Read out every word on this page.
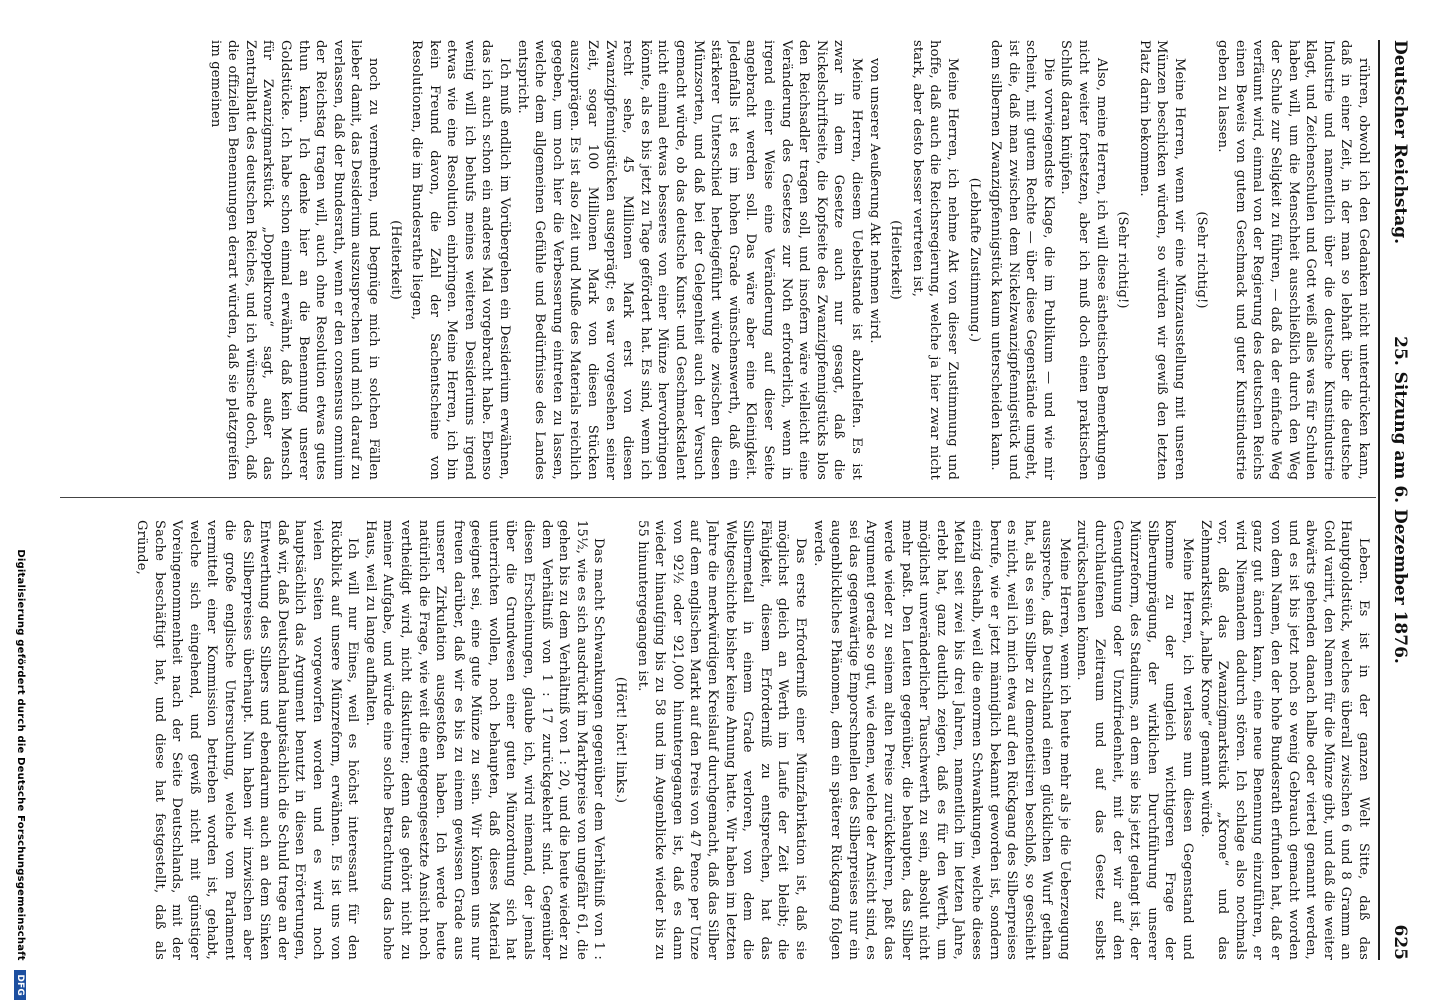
Deutscher Reichstag.
25. Sitzung am 6. Dezember 1876.
625

rühren, obwohl ich den Gedanken nicht unterdrücken kann, daß in einer Zeit, in der man so lebhaft über die deutsche Industrie und namentlich über die deutsche Kunstindustrie klagt, und Zeichenschulen und Gott weiß alles was für Schulen haben will, um die Menschheit ausschließlich durch den Weg der Schule zur Seligkeit zu führen, — daß da der einfache Weg verfäumt wird, einmal von der Regierung des deutschen Reichs einen Beweis von gutem Geschmack und guter Kunstindustrie geben zu lassen.

(Sehr richtig!)

Meine Herren, wenn wir eine Münzausstellung mit unseren Münzen beschicken würden, so würden wir gewiß den letzten Platz darin bekommen.

(Sehr richtig!)

Also, meine Herren, ich will diese ästhetischen Bemerkungen nicht weiter fortsetzen, aber ich muß doch einen praktischen Schluß daran knüpfen.

Die vorwiegendste Klage, die im Publikum — und wie mir scheint, mit gutem Rechte — über diese Gegenstände umgeht, ist die, daß man zwischen dem Nickelzwanzigpfennigstück und dem silbernen Zwanzigpfennigstück kaum unterscheiden kann.

(Lebhafte Zustimmung.)

Meine Herren, ich nehme Akt von dieser Zustimmung und hoffe, daß auch die Reichsregierung, welche ja hier zwar nicht stark, aber desto besser vertreten ist,

(Heiterkeit)

von unserer Aeußerung Akt nehmen wird.

Meine Herren, diesem Uebelstande ist abzuhelfen. Es ist zwar in dem Gesetze auch nur gesagt, daß die Nickelschriftseite, die Kopfseite des Zwanzigpfennigstücks blos den Reichsadler tragen soll, und insofern wäre vielleicht eine Veränderung des Gesetzes zur Noth erforderlich, wenn in irgend einer Weise eine Veränderung auf dieser Seite angebracht werden soll. Das wäre aber eine Kleinigkeit. Jedenfalls ist es im hohen Grade wünschenswerth, daß ein stärkerer Unterschied herbeigeführt würde zwischen diesen Münzsorten, und daß bei der Gelegenheit auch der Versuch gemacht würde, ob das deutsche Kunst- und Geschmackstalent nicht einmal etwas besseres von einer Münze hervorbringen könnte, als es bis jetzt zu Tage gefördert hat. Es sind, wenn ich recht sehe, 45 Millionen Mark erst von diesen Zwanzigpfennigstücken ausgeprägt; es war vorgesehen seiner Zeit, sogar 100 Millionen Mark von diesen Stücken auszuprägen. Es ist also Zeit und Muße des Materials reichlich gegeben, um noch hier die Verbesserung eintreten zu lassen, welche dem allgemeinen Gefühle und Bedürfnisse des Landes entspricht.

Ich muß endlich im Vorübergehen ein Desiderium erwähnen, das ich auch schon ein anderes Mal vorgebracht habe. Ebenso wenig will ich behufs meines weiteren Desideriums irgend etwas wie eine Resolution einbringen. Meine Herren, ich bin kein Freund davon, die Zahl der Sachentscheine von Resolutionen, die im Bundesrathe liegen,

(Heiterkeit)

noch zu vermehren, und begnüge mich in solchen Fällen lieber damit, das Desiderium auszusprechen und mich darauf zu verlassen, daß der Bundesrath, wenn er den consensus omnium der Reichstag tragen will, auch ohne Resolution etwas gutes thun kann. Ich denke hier an die Benennung unserer Goldstücke. Ich habe schon einmal erwähnt, daß kein Mensch für Zwanzigmarkstück „Doppelkrone“ sagt, außer das Zentralblatt des deutschen Reiches, und ich wünsche doch, daß die offiziellen Benennungen derart würden, daß sie platzgreifen im gemeinen

Leben. Es ist in der ganzen Welt Sitte, daß das Hauptgoldstück, welches überall zwischen 6 und 8 Gramm an Gold variirt, den Namen für die Münze gibt, und daß die weiter abwärts gehenden danach halbe oder viertel genannt werden, und es ist bis jetzt noch so wenig Gebrauch gemacht worden von dem Namen, den der hohe Bundesrath erfunden hat, daß er ganz gut ändern kann, eine neue Benennung einzuführen, er wird Niemandem dadurch stören. Ich schlage also nochmals vor, daß das Zwanzigmarkstück „Krone“ und das Zehnmarkstück „halbe Krone“ genannt würde.

Meine Herren, ich verlasse nun diesen Gegenstand und komme zu der ungleich wichtigeren Frage der Silberumprägung, der wirklichen Durchführung unserer Münzreform, des Stadiums, an dem sie bis jetzt gelangt ist, der Genugthuung oder Unzufriedenheit, mit der wir auf den durchlaufenen Zeitraum und auf das Gesetz selbst zurückschauen können.

Meine Herren, wenn ich heute mehr als je die Ueberzeugung ausspreche, daß Deutschland einen glücklichen Wurf gethan hat, als es sein Silber zu demonetisiren beschloß, so geschieht es nicht, weil ich mich etwa auf den Rückgang des Silberpreises berufe, wie er jetzt männiglich bekannt geworden ist, sondern einzig deshalb, weil die enormen Schwankungen, welche dieses Metall seit zwei bis drei Jahren, namentlich im letzten Jahre, erlebt hat, ganz deutlich zeigen, daß es für den Werth, um möglichst unveränderlicher Tauschwerth zu sein, absolut nicht mehr paßt. Den Leuten gegenüber, die behaupten, das Silber werde wieder zu seinem alten Preise zurückkehren, paßt das Argument gerade so gut, wie denen, welche der Ansicht sind, es sei das gegenwärtige Emporschnellen des Silberpreises nur ein augenblickliches Phänomen, dem ein späterer Rückgang folgen werde.

Das erste Erforderniß einer Münzfabrikation ist, daß sie möglichst gleich an Werth im Laufe der Zeit bleibt; die Fähigkeit, diesem Erforderniß zu entsprechen, hat das Silbermetall in einem Grade verloren, von dem die Weltgeschichte bisher keine Ahnung hatte. Wir haben im letzten Jahre die merkwürdigen Kreislauf durchgemacht, daß das Silber auf dem englischen Markt auf den Preis von 47 Pence per Unze von 92½ oder 921,000 hinuntergegangen ist, daß es dann wieder hinaufging bis zu 58 und im Augenblicke wieder bis zu 55 hinuntergegangen ist.

(Hört! hört! links.)

Das macht Schwankungen gegenüber dem Verhältniß von 1 : 15½, wie es sich ausdrückt im Marktpreise von ungefähr 61, die gehen bis zu dem Verhältniß von 1 : 20, und die heute wieder zu dem Verhältniß von 1 : 17 zurückgekehrt sind. Gegenüber diesen Erscheinungen, glaube ich, wird niemand, der jemals über die Grundwesen einer guten Münzordnung sich hat unterrichten wollen, noch behaupten, daß dieses Material geeignet sei, eine gute Münze zu sein. Wir können uns nur freuen darüber, daß wir es bis zu einem gewissen Grade aus unserer Zirkulation ausgestoßen haben. Ich werde heute natürlich die Frage, wie weit die entgegengesetzte Ansicht noch vertheidigt wird, nicht diskutiren; denn das gehört nicht zu meiner Aufgabe, und würde eine solche Betrachtung das hohe Haus, weil zu lange aufhalten.

Ich will nur Eines, weil es höchst interessant für den Rückblick auf unsere Münzreform, erwähnen. Es ist uns von vielen Seiten vorgeworfen worden und es wird noch hauptsächlich das Argument benutzt in diesen Erörterungen, daß wir, daß Deutschland hauptsächlich die Schuld trage an der Entwerthung des Silbers und ebendarum auch an dem Sinken des Silberpreises überhaupt. Nun haben wir inzwischen aber die große englische Untersuchung, welche vom Parlament vermittelt einer Kommission betrieben worden ist, gehabt, welche sich eingehend, und gewiß nicht mit günstiger Voreingenommenheit nach der Seite Deutschlands, mit der Sache beschäftigt hat, und diese hat festgestellt, daß als Gründe,

Digitalisierung gefördert durch die Deutsche Forschungsgemeinschaft DFG
